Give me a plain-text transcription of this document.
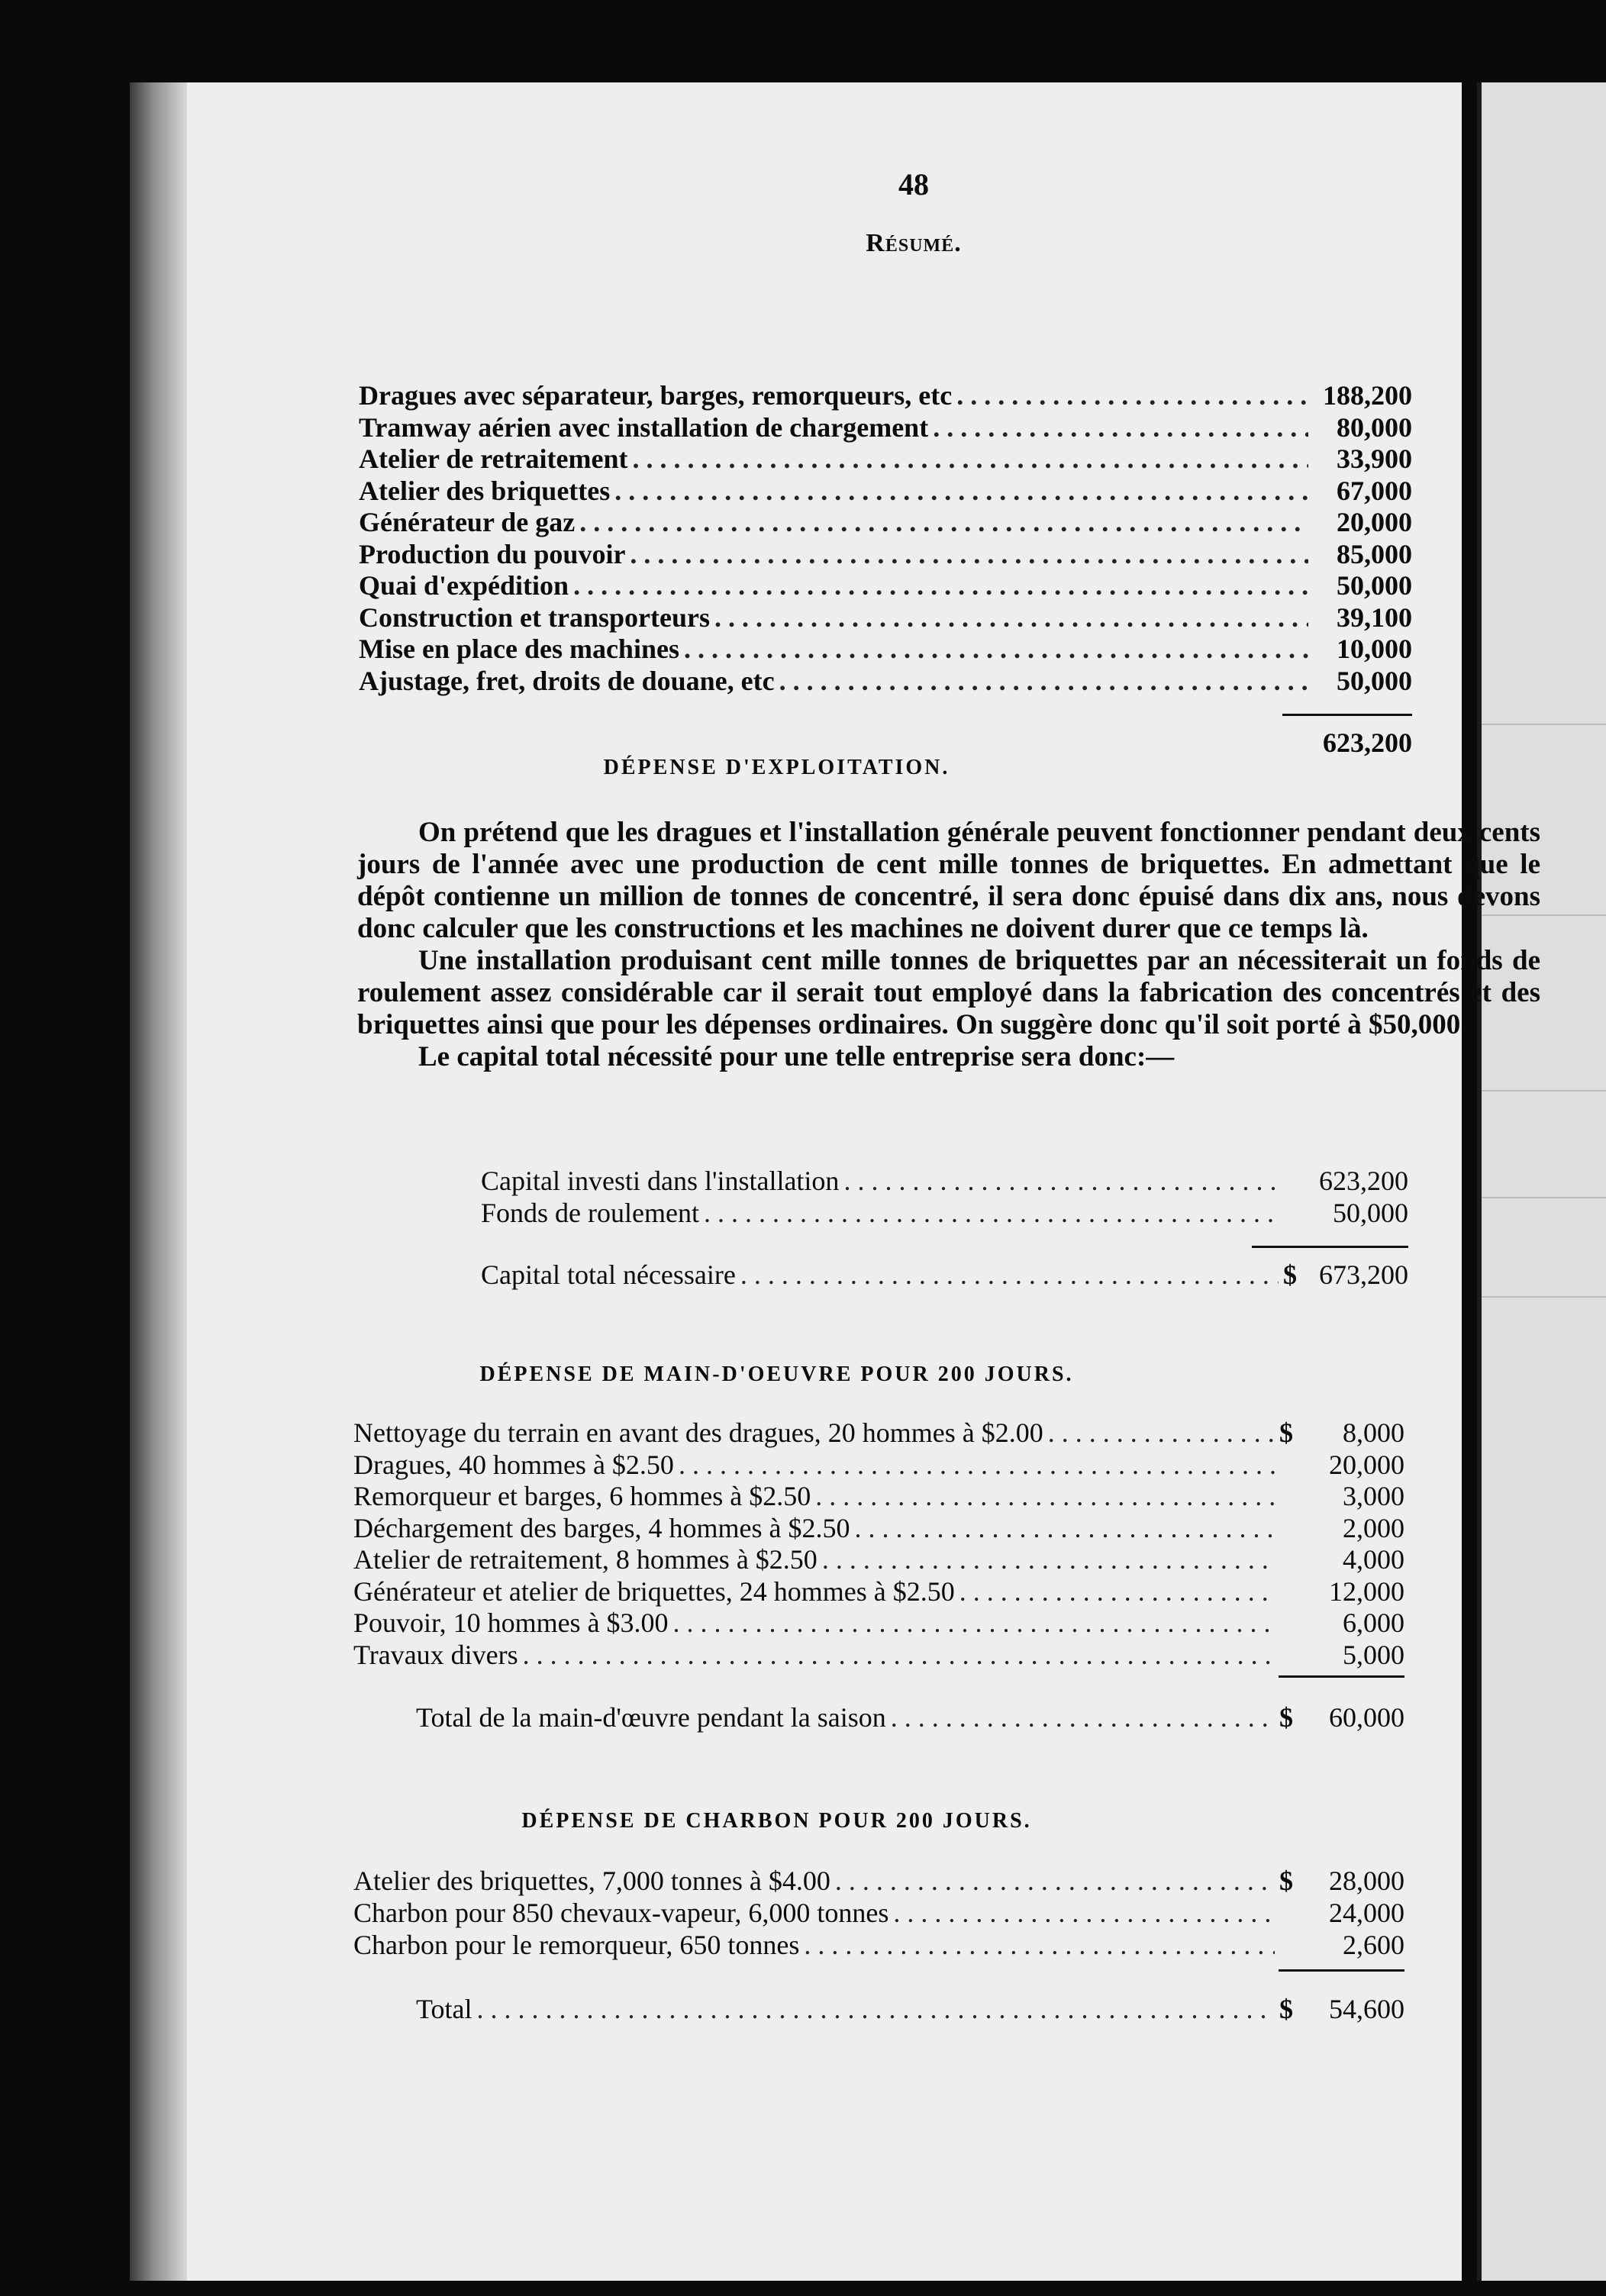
48
Résumé.
Dragues avec séparateur, barges, remorqueurs, etc . . .	188,200
Tramway aérien avec installation de chargement . . .	80,000
Atelier de retraitement . . .	33,900
Atelier des briquettes . . .	67,000
Générateur de gaz . . .	20,000
Production du pouvoir . . .	85,000
Quai d'expédition . . .	50,000
Construction et transporteurs . . .	39,100
Mise en place des machines . . .	10,000
Ajustage, fret, droits de douane, etc . . .	50,000
623,200
DÉPENSE D'EXPLOITATION.

On prétend que les dragues et l'installation générale peuvent fonctionner pendant deux cents jours de l'année avec une production de cent mille tonnes de briquettes. En admettant que le dépôt contienne un million de tonnes de concentré, il sera donc épuisé dans dix ans, nous devons donc calculer que les constructions et les machines ne doivent durer que ce temps là.

Une installation produisant cent mille tonnes de briquettes par an nécessiterait un fonds de roulement assez considérable car il serait tout employé dans la fabrication des concentrés et des briquettes ainsi que pour les dépenses ordinaires. On suggère donc qu'il soit porté à $50,000.

Le capital total nécessité pour une telle entreprise sera donc:—

Capital investi dans l'installation . . .	623,200
Fonds de roulement . . .	50,000
Capital total nécessaire . . .	$ 673,200
DÉPENSE DE MAIN-D'OEUVRE POUR 200 JOURS.
Nettoyage du terrain en avant des dragues, 20 hommes à $2.00 . . .	$	8,000
Dragues, 40 hommes à $2.50 . . .	20,000
Remorqueur et barges, 6 hommes à $2.50 . . .	3,000
Déchargement des barges, 4 hommes à $2.50 . . .	2,000
Atelier de retraitement, 8 hommes à $2.50 . . .	4,000
Générateur et atelier de briquettes, 24 hommes à $2.50 . . .	12,000
Pouvoir, 10 hommes à $3.00 . . .	6,000
Travaux divers . . .	5,000
Total de la main-d'œuvre pendant la saison . . .	$	60,000
DÉPENSE DE CHARBON POUR 200 JOURS.
Atelier des briquettes, 7,000 tonnes à $4.00 . . .	$	28,000
Charbon pour 850 chevaux-vapeur, 6,000 tonnes . . .	24,000
Charbon pour le remorqueur, 650 tonnes . . .	2,600
Total . . .	$	54,600
